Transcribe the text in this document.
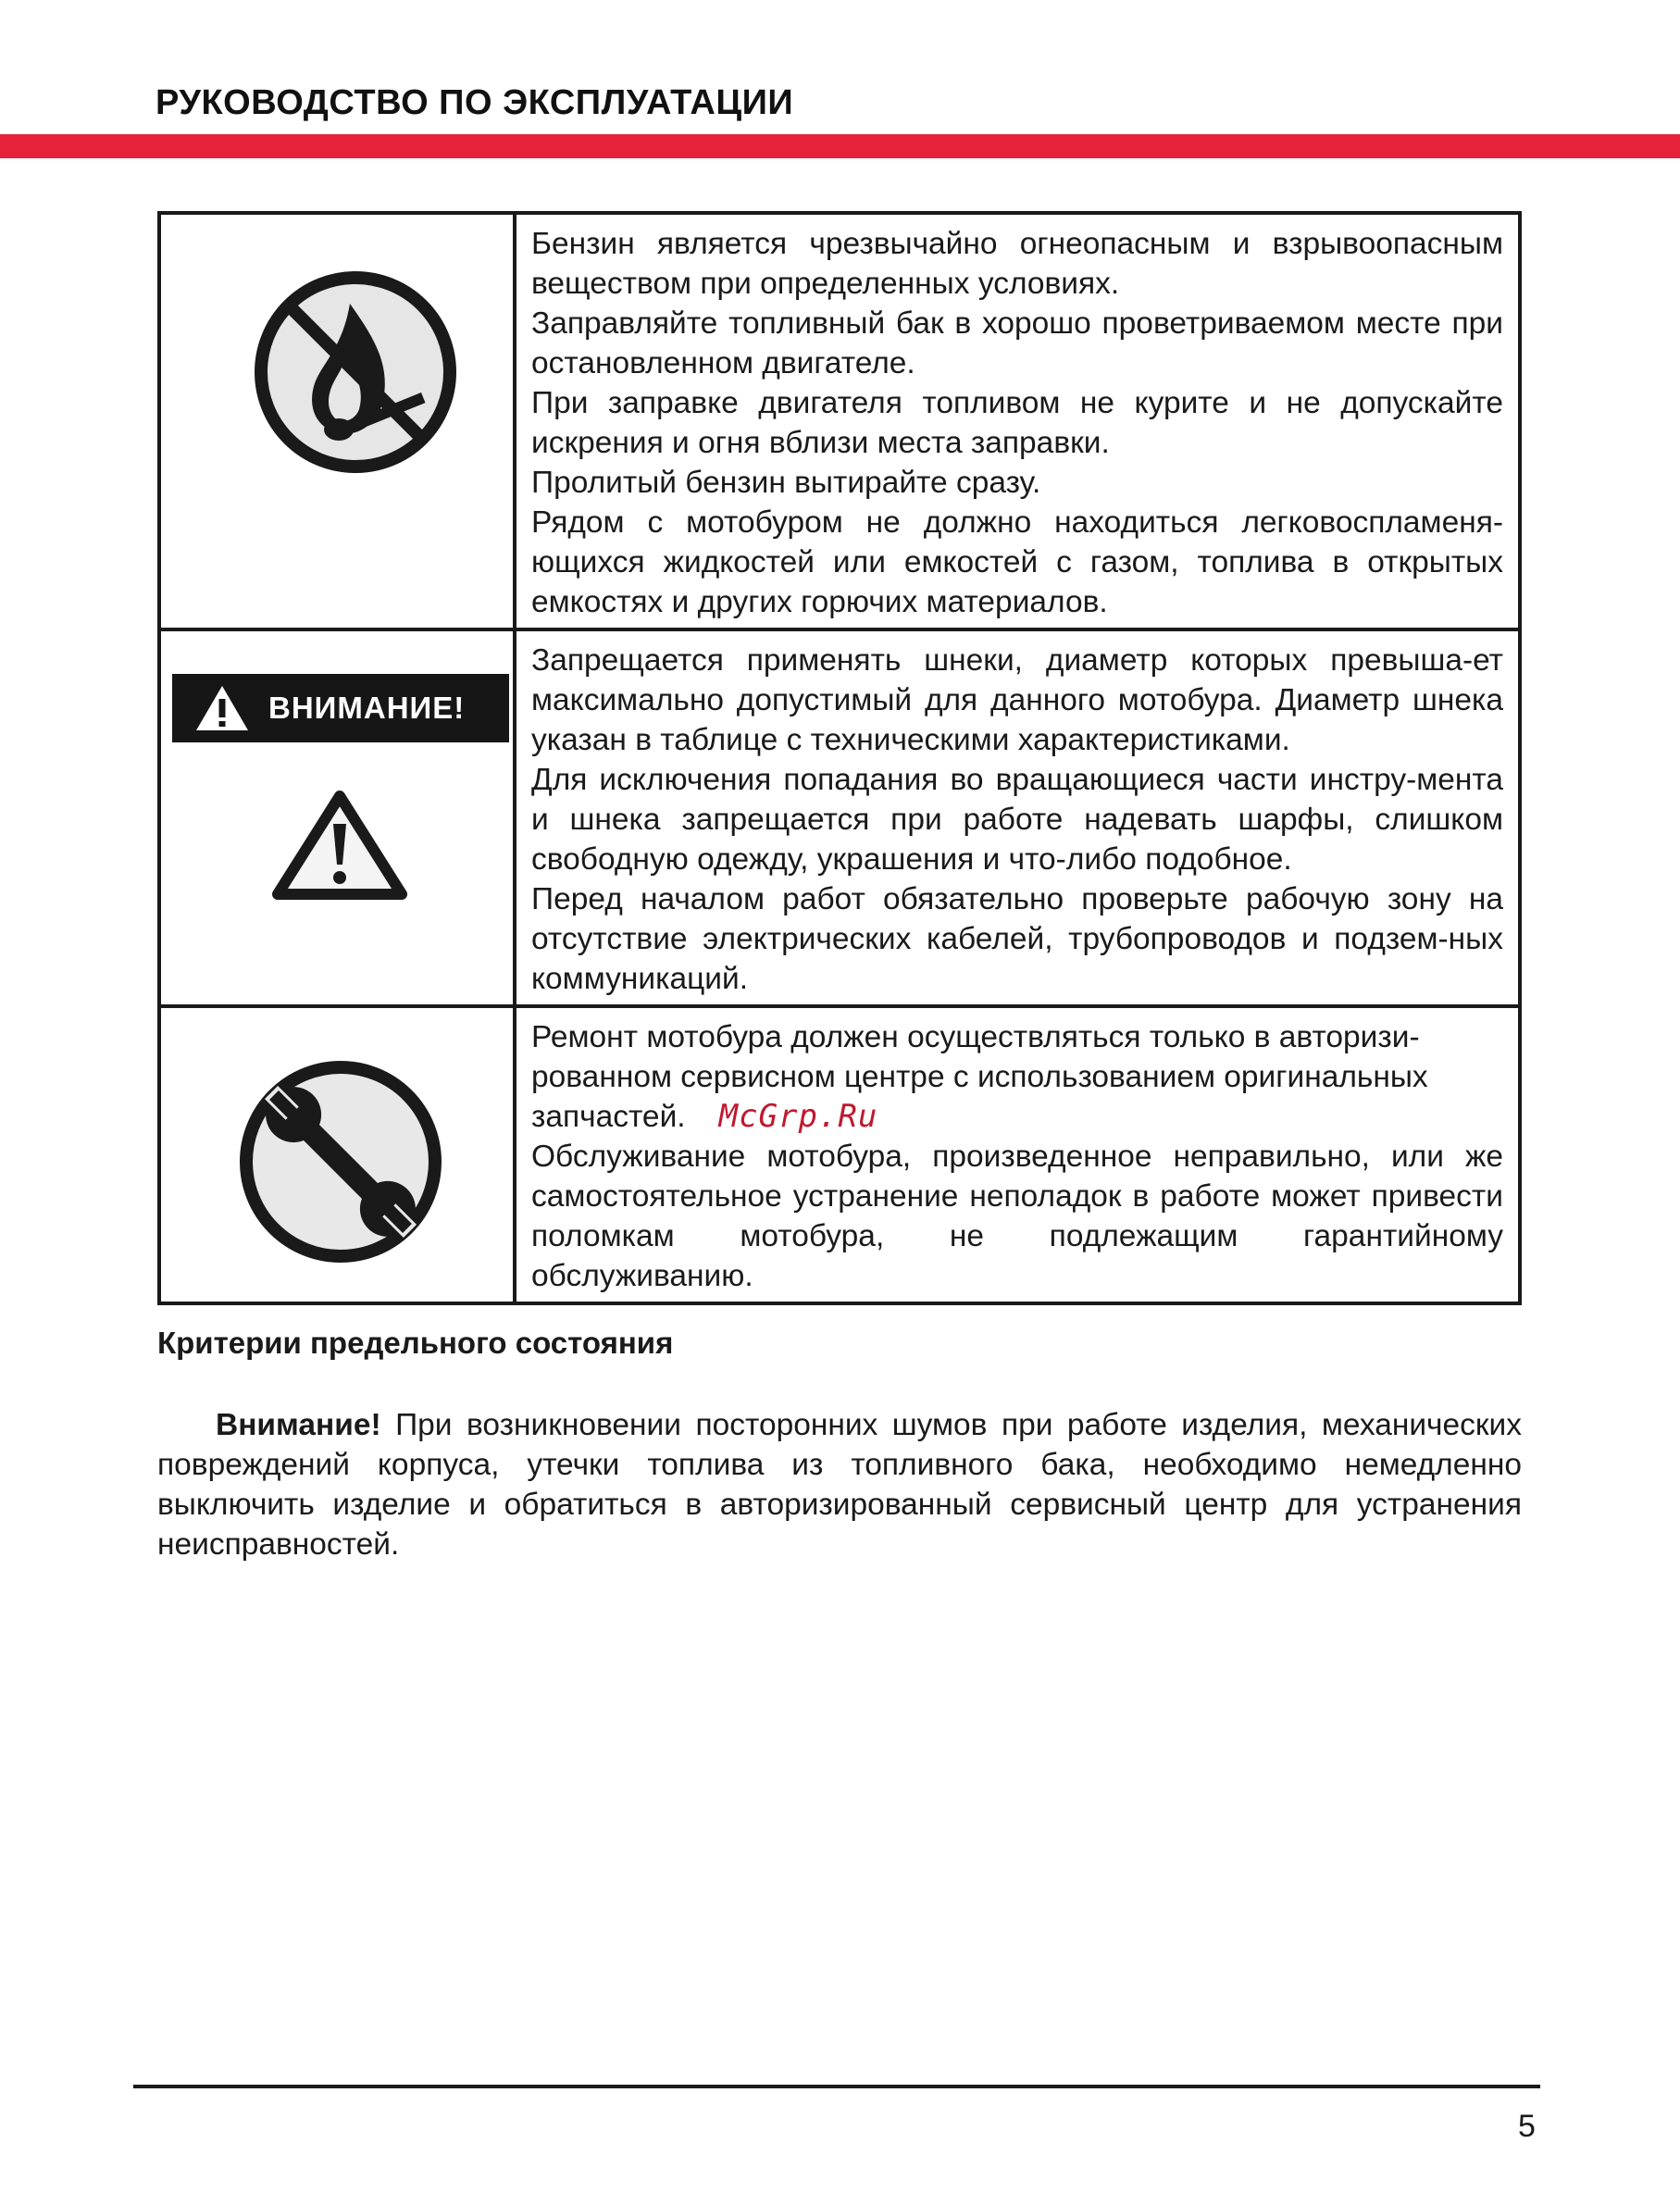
РУКОВОДСТВО ПО ЭКСПЛУАТАЦИИ

Бензин является чрезвычайно огнеопасным и взрывоопасным веществом при определенных условиях.

Заправляйте топливный бак в хорошо проветриваемом месте при остановленном двигателе.

При заправке двигателя топливом не курите и не допускайте искрения и огня вблизи места заправки.

Пролитый бензин вытирайте сразу.

Рядом с мотобуром не должно находиться легковоспламеня-ющихся жидкостей или емкостей с газом, топлива в открытых емкостях и других горючих материалов.

ВНИМАНИЕ!	Запрещается применять шнеки, диаметр которых превыша-ет максимально допустимый для данного мотобура. Диаметр шнека указан в таблице с техническими характеристиками.

Для исключения попадания во вращающиеся части инстру-мента и шнека запрещается при работе надевать шарфы, слишком свободную одежду, украшения и что-либо подобное.

Перед началом работ обязательно проверьте рабочую зону на отсутствие электрических кабелей, трубопроводов и подзем-ных коммуникаций.

Ремонт мотобура должен осуществляться только в авторизи-рованном сервисном центре с использованием оригинальных запчастей. McGrp.Ru

Обслуживание мотобура, произведенное неправильно, или же самостоятельное устранение неполадок в работе может привести поломкам мотобура, не подлежащим гарантийному обслуживанию.

Критерии предельного состояния

Внимание! При возникновении посторонних шумов при работе изделия, механических повреждений корпуса, утечки топлива из топливного бака, необходимо немедленно выключить изделие и обратиться в авторизированный сервисный центр для устранения неисправностей.

5
